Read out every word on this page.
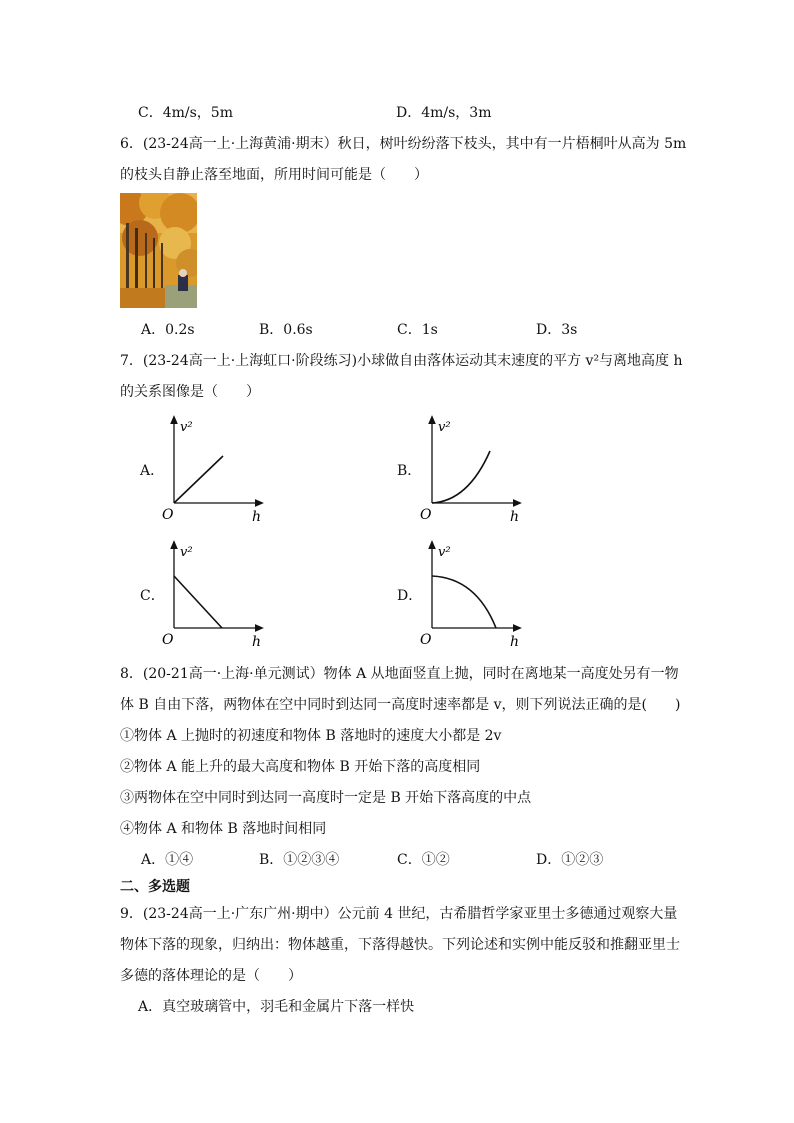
C．4m/s，5m	D．4m/s，3m
6．(23-24高一上·上海黄浦·期末）秋日，树叶纷纷落下枝头，其中有一片梧桐叶从高为 5m
的枝头自静止落至地面，所用时间可能是（　　）
A．0.2s	B．0.6s	C．1s	D．3s
7．(23-24高一上·上海虹口·阶段练习)小球做自由落体运动其末速度的平方 v²与离地高度 h
的关系图像是（　　）
A．
v²
O	h
B．
v²
O	h
C．
v²
O	h
D．
v²
O	h
8．(20-21高一·上海·单元测试）物体 A 从地面竖直上抛，同时在离地某一高度处另有一物
体 B 自由下落，两物体在空中同时到达同一高度时速率都是 v，则下列说法正确的是(　　)
①物体 A 上抛时的初速度和物体 B 落地时的速度大小都是 2v
②物体 A 能上升的最大高度和物体 B 开始下落的高度相同
③两物体在空中同时到达同一高度时一定是 B 开始下落高度的中点
④物体 A 和物体 B 落地时间相同
A．①④	B．①②③④	C．①②	D．①②③
二、多选题
9．(23-24高一上·广东广州·期中）公元前 4 世纪，古希腊哲学家亚里士多德通过观察大量
物体下落的现象，归纳出：物体越重，下落得越快。下列论述和实例中能反驳和推翻亚里士
多德的落体理论的是（　　）
A．真空玻璃管中，羽毛和金属片下落一样快
